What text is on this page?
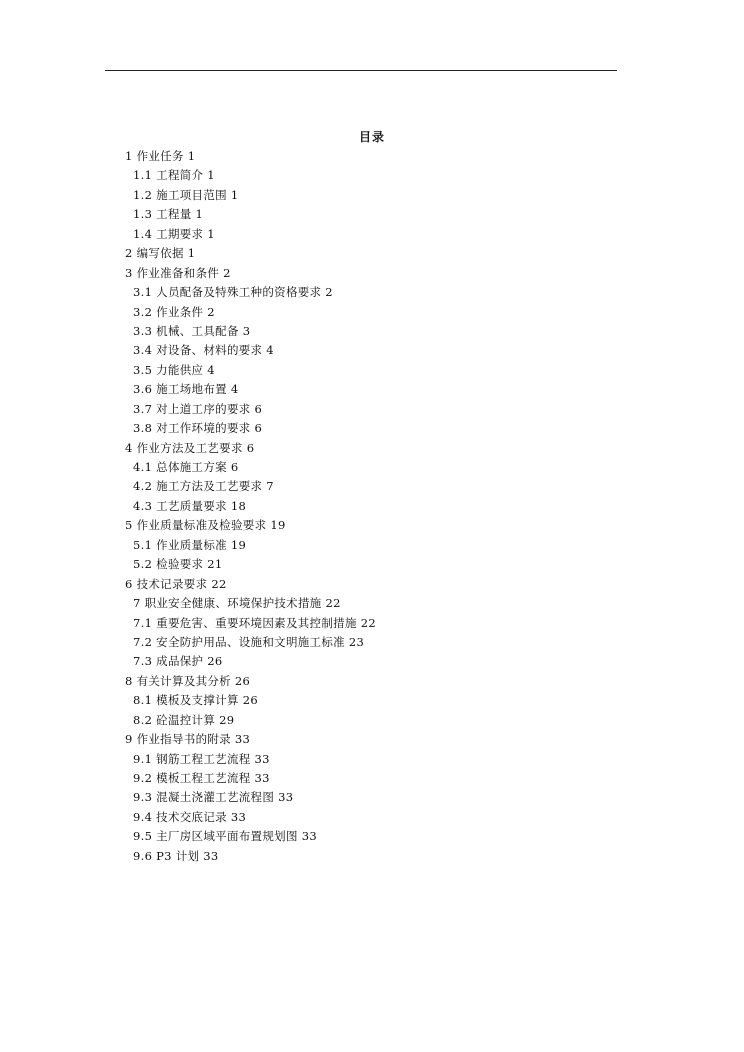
目录
1 作业任务 1
1.1 工程简介 1
1.2 施工项目范围 1
1.3 工程量 1
1.4 工期要求 1
2 编写依据 1
3 作业准备和条件 2
3.1 人员配备及特殊工种的资格要求 2
3.2 作业条件 2
3.3 机械、工具配备 3
3.4 对设备、材料的要求 4
3.5 力能供应 4
3.6 施工场地布置 4
3.7 对上道工序的要求 6
3.8 对工作环境的要求 6
4 作业方法及工艺要求 6
4.1 总体施工方案 6
4.2 施工方法及工艺要求 7
4.3 工艺质量要求 18
5 作业质量标准及检验要求 19
5.1 作业质量标准 19
5.2 检验要求 21
6 技术记录要求 22
7 职业安全健康、环境保护技术措施 22
7.1 重要危害、重要环境因素及其控制措施 22
7.2 安全防护用品、设施和文明施工标准 23
7.3 成品保护 26
8 有关计算及其分析 26
8.1 模板及支撑计算 26
8.2 砼温控计算 29
9 作业指导书的附录 33
9.1 钢筋工程工艺流程 33
9.2 模板工程工艺流程 33
9.3 混凝土浇灌工艺流程图 33
9.4 技术交底记录 33
9.5 主厂房区域平面布置规划图 33
9.6 P3 计划 33
